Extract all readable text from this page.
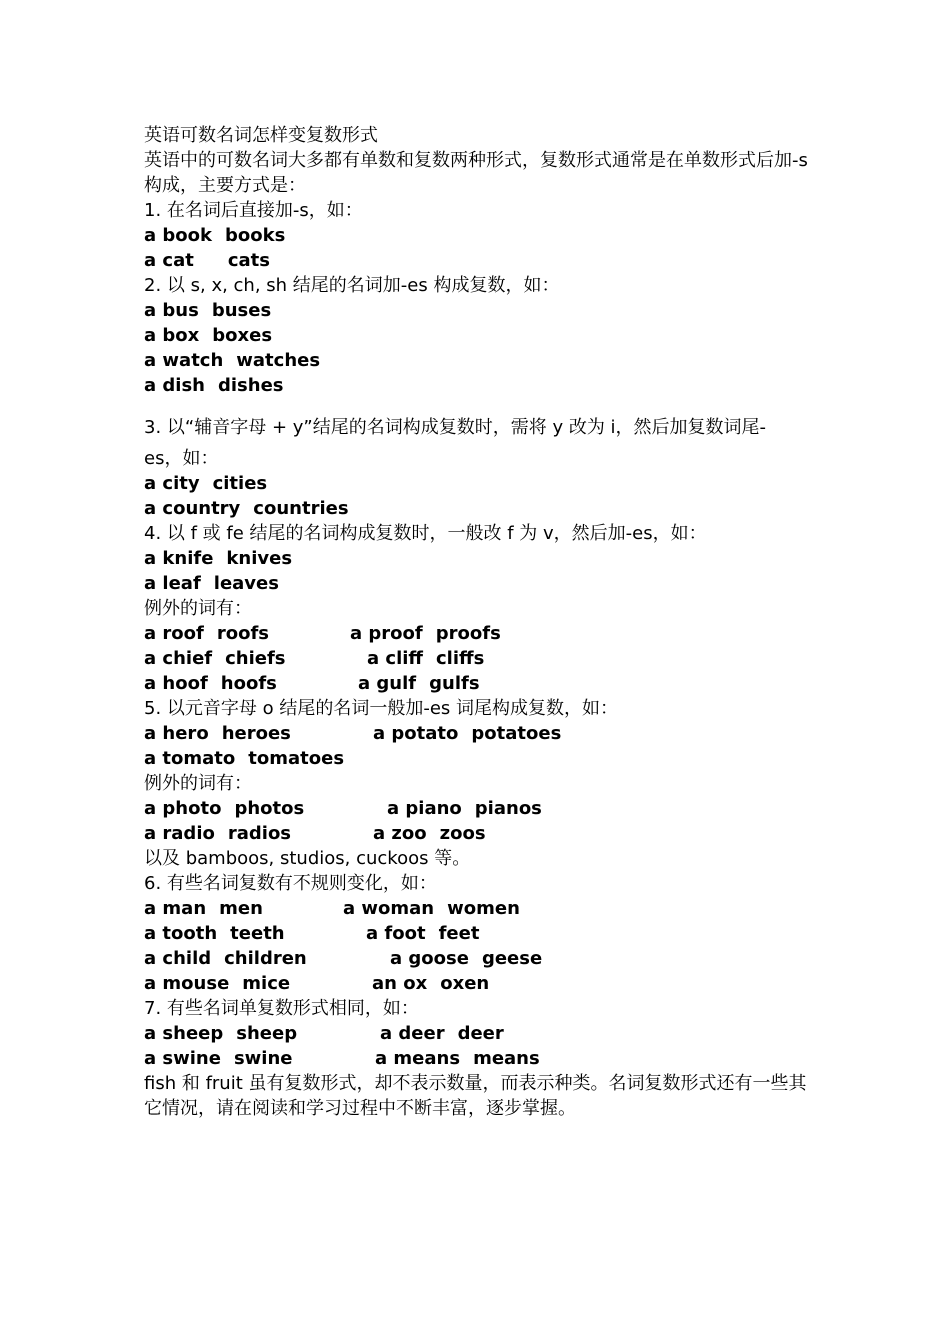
英语可数名词怎样变复数形式
英语中的可数名词大多都有单数和复数两种形式，复数形式通常是在单数形式后加-s 构成，主要方式是：
1. 在名词后直接加-s，如：
a book books
a cat cats
2. 以 s, x, ch, sh 结尾的名词加-es 构成复数，如：
a bus buses
a box boxes
a watch watches
a dish dishes
3. 以“辅音字母 + y”结尾的名词构成复数时，需将 y 改为 i，然后加复数词尾-
es，如：
a city cities
a country countries
4. 以 f 或 fe 结尾的名词构成复数时，一般改 f 为 v，然后加-es，如：
a knife knives
a leaf leaves
例外的词有：
a roof roofs	a proof proofs
a chief chiefs	a cliff cliffs
a hoof hoofs	a gulf gulfs
5. 以元音字母 o 结尾的名词一般加-es 词尾构成复数，如：
a hero heroes	a potato potatoes
a tomato tomatoes
例外的词有：
a photo photos	a piano pianos
a radio radios	a zoo zoos
以及 bamboos, studios, cuckoos 等。
6. 有些名词复数有不规则变化，如：
a man men	a woman women
a tooth teeth	a foot feet
a child children	a goose geese
a mouse mice	an ox oxen
7. 有些名词单复数形式相同，如：
a sheep sheep	a deer deer
a swine swine	a means means
fish 和 fruit 虽有复数形式，却不表示数量，而表示种类。名词复数形式还有一些其它情况，请在阅读和学习过程中不断丰富，逐步掌握。
